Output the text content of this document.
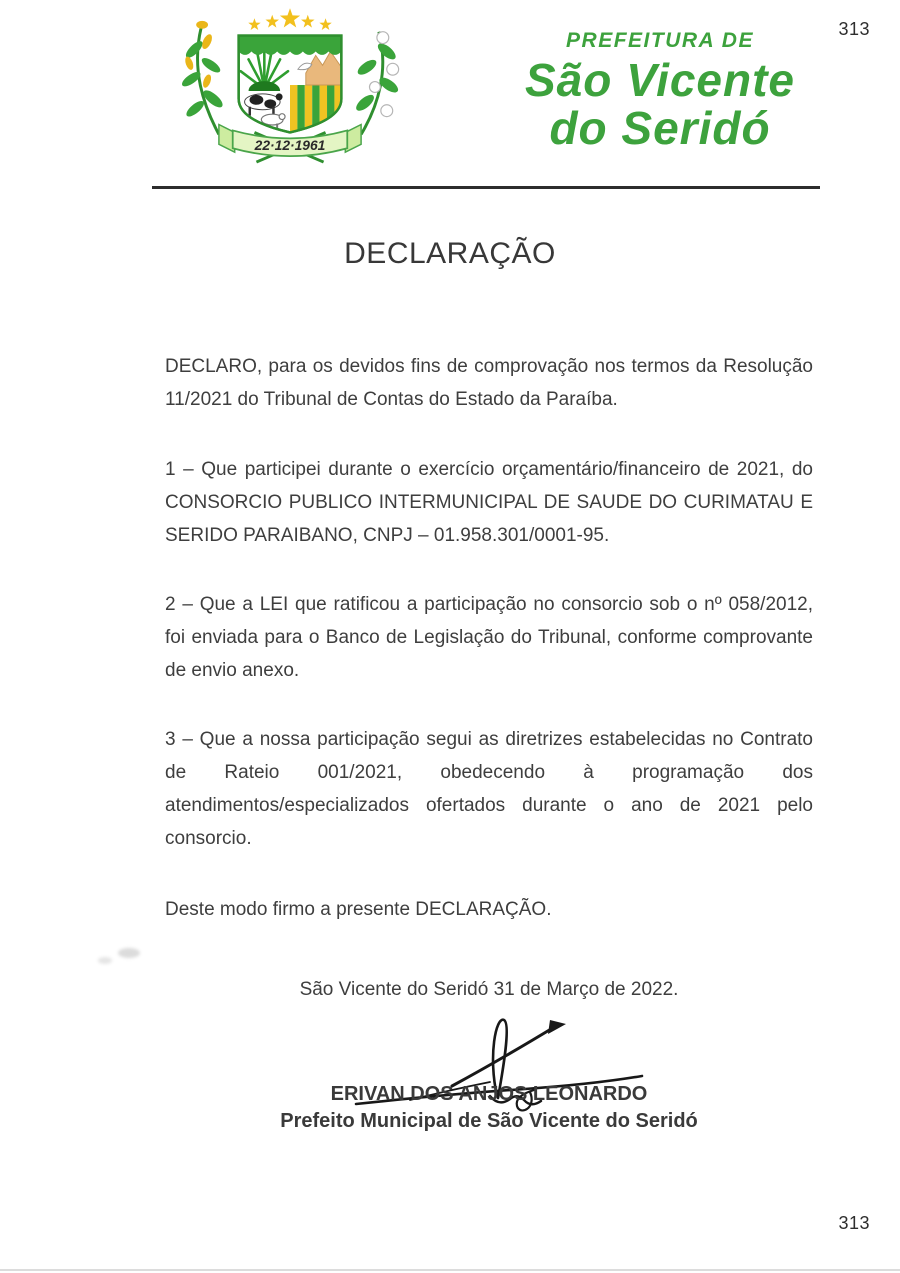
313
313
22·12·1961
PREFEITURA DE
São Vicente
do Seridó
DECLARAÇÃO
DECLARO, para os devidos fins de comprovação nos termos da Resolução 11/2021 do Tribunal de Contas do Estado da Paraíba.
1 – Que participei durante o exercício orçamentário/financeiro de 2021, do CONSORCIO PUBLICO INTERMUNICIPAL DE SAUDE DO CURIMATAU E SERIDO PARAIBANO, CNPJ – 01.958.301/0001-95.
2 – Que a LEI que ratificou a participação no consorcio sob o nº 058/2012, foi enviada para o Banco de Legislação do Tribunal, conforme comprovante de envio anexo.
3 – Que a nossa participação segui as diretrizes estabelecidas no Contrato de Rateio 001/2021, obedecendo à programação dos atendimentos/especializados ofertados durante o ano de 2021 pelo consorcio.
Deste modo firmo a presente DECLARAÇÃO.
São Vicente do Seridó 31 de Março de 2022.
ERIVAN DOS ANJOS LEONARDO
Prefeito Municipal de São Vicente do Seridó
